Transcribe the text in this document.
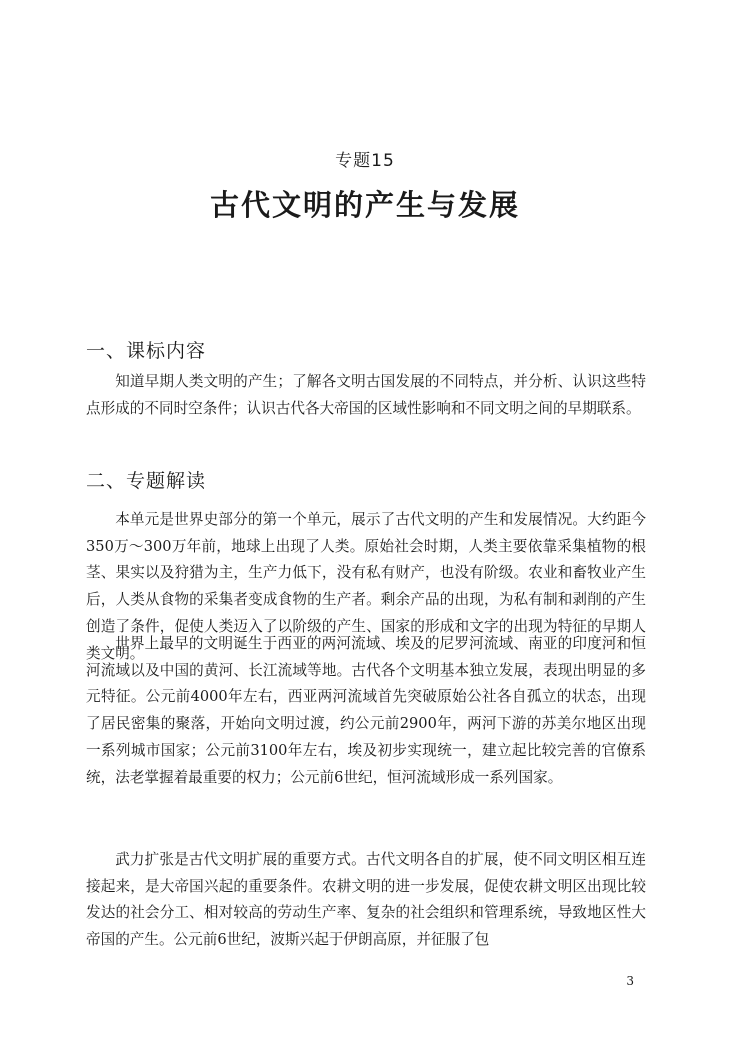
专题15
古代文明的产生与发展
一、课标内容

知道早期人类文明的产生；了解各文明古国发展的不同特点，并分析、认识这些特点形成的不同时空条件；认识古代各大帝国的区域性影响和不同文明之间的早期联系。

二、专题解读

本单元是世界史部分的第一个单元，展示了古代文明的产生和发展情况。大约距今350万～300万年前，地球上出现了人类。原始社会时期，人类主要依靠采集植物的根茎、果实以及狩猎为主，生产力低下，没有私有财产，也没有阶级。农业和畜牧业产生后，人类从食物的采集者变成食物的生产者。剩余产品的出现，为私有制和剥削的产生创造了条件，促使人类迈入了以阶级的产生、国家的形成和文字的出现为特征的早期人类文明。

世界上最早的文明诞生于西亚的两河流域、埃及的尼罗河流域、南亚的印度河和恒河流域以及中国的黄河、长江流域等地。古代各个文明基本独立发展，表现出明显的多元特征。公元前4000年左右，西亚两河流域首先突破原始公社各自孤立的状态，出现了居民密集的聚落，开始向文明过渡，约公元前2900年，两河下游的苏美尔地区出现一系列城市国家；公元前3100年左右，埃及初步实现统一，建立起比较完善的官僚系统，法老掌握着最重要的权力；公元前6世纪，恒河流域形成一系列国家。

武力扩张是古代文明扩展的重要方式。古代文明各自的扩展，使不同文明区相互连接起来，是大帝国兴起的重要条件。农耕文明的进一步发展，促使农耕文明区出现比较发达的社会分工、相对较高的劳动生产率、复杂的社会组织和管理系统，导致地区性大帝国的产生。公元前6世纪，波斯兴起于伊朗高原，并征服了包

3
